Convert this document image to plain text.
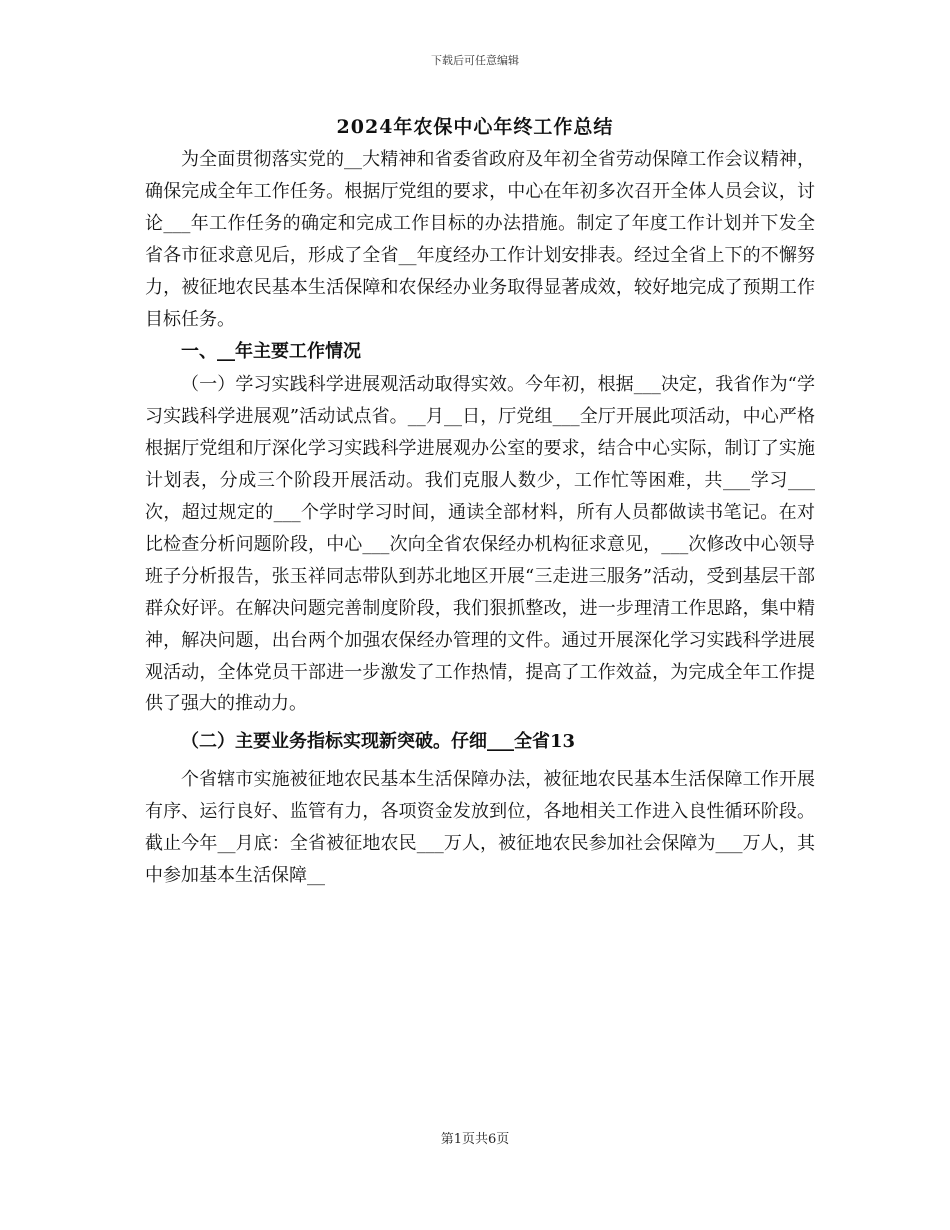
下载后可任意编辑
2024年农保中心年终工作总结

为全面贯彻落实党的__大精神和省委省政府及年初全省劳动保障工作会议精神，确保完成全年工作任务。根据厅党组的要求，中心在年初多次召开全体人员会议，讨论___年工作任务的确定和完成工作目标的办法措施。制定了年度工作计划并下发全省各市征求意见后，形成了全省__年度经办工作计划安排表。经过全省上下的不懈努力，被征地农民基本生活保障和农保经办业务取得显著成效，较好地完成了预期工作目标任务。

一、__年主要工作情况

（一）学习实践科学进展观活动取得实效。今年初，根据___决定，我省作为“学习实践科学进展观”活动试点省。__月__日，厅党组___全厅开展此项活动，中心严格根据厅党组和厅深化学习实践科学进展观办公室的要求，结合中心实际，制订了实施计划表，分成三个阶段开展活动。我们克服人数少，工作忙等困难，共___学习___次，超过规定的___个学时学习时间，通读全部材料，所有人员都做读书笔记。在对比检查分析问题阶段，中心___次向全省农保经办机构征求意见，___次修改中心领导班子分析报告，张玉祥同志带队到苏北地区开展“三走进三服务”活动，受到基层干部群众好评。在解决问题完善制度阶段，我们狠抓整改，进一步理清工作思路，集中精神，解决问题，出台两个加强农保经办管理的文件。通过开展深化学习实践科学进展观活动，全体党员干部进一步激发了工作热情，提高了工作效益，为完成全年工作提供了强大的推动力。

（二）主要业务指标实现新突破。仔细___全省13

个省辖市实施被征地农民基本生活保障办法，被征地农民基本生活保障工作开展有序、运行良好、监管有力，各项资金发放到位，各地相关工作进入良性循环阶段。截止今年__月底：全省被征地农民___万人，被征地农民参加社会保障为___万人，其中参加基本生活保障__

第1页共6页
